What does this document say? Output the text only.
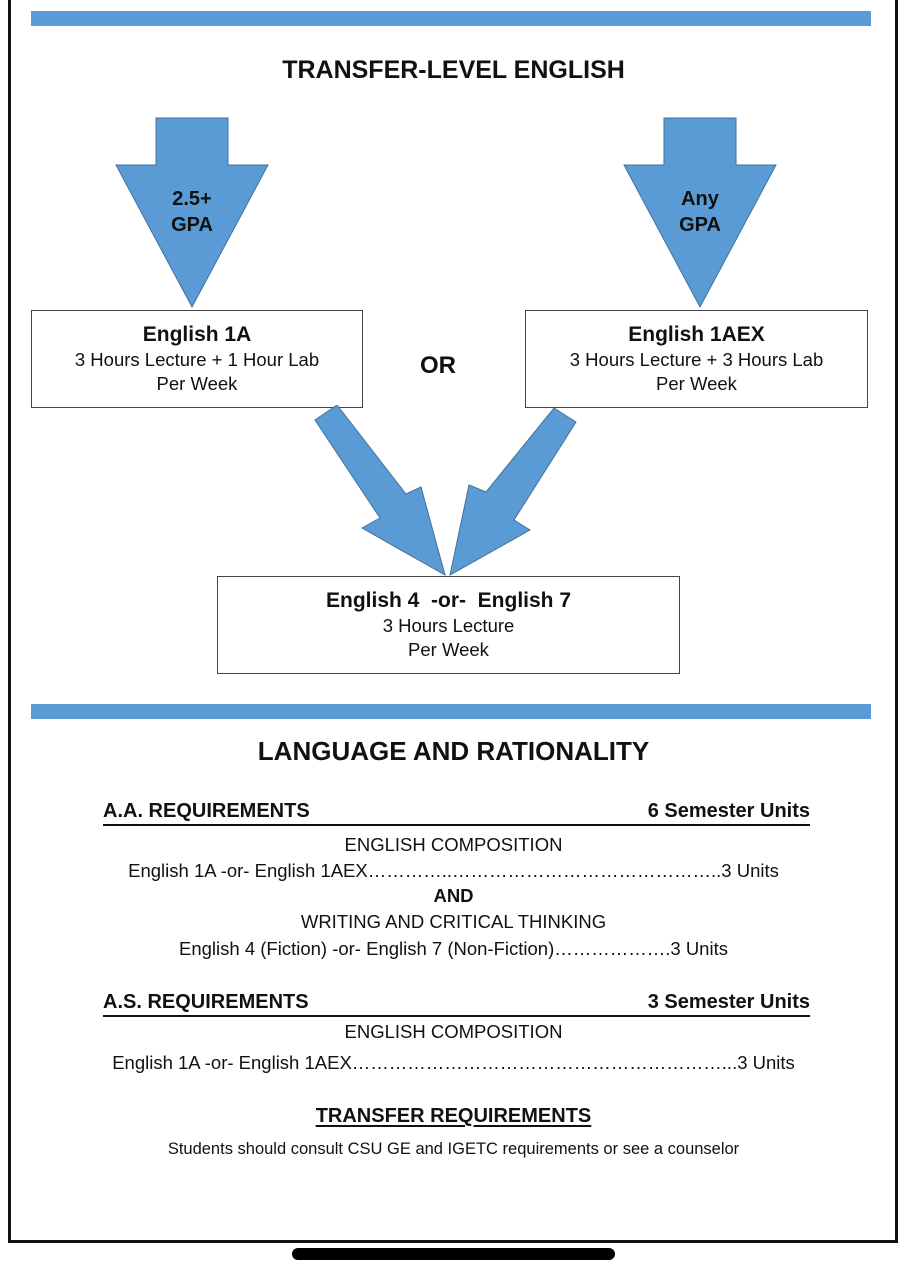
TRANSFER-LEVEL ENGLISH
2.5+
GPA
Any
GPA
English 1A
3 Hours Lecture + 1 Hour Lab
Per Week
OR
English 1AEX
3 Hours Lecture + 3 Hours Lab
Per Week
English 4  -or-  English 7
3 Hours Lecture
Per Week
LANGUAGE AND RATIONALITY
A.A. REQUIREMENTS	6 Semester Units
ENGLISH COMPOSITION
English 1A -or- English 1AEX…………..……………………………………..3 Units
AND
WRITING AND CRITICAL THINKING
English 4 (Fiction) -or- English 7 (Non-Fiction)……………….3 Units
A.S. REQUIREMENTS	3 Semester Units
ENGLISH COMPOSITION
English 1A -or- English 1AEX……………………………………………………...3 Units
TRANSFER REQUIREMENTS
Students should consult CSU GE and IGETC requirements or see a counselor
